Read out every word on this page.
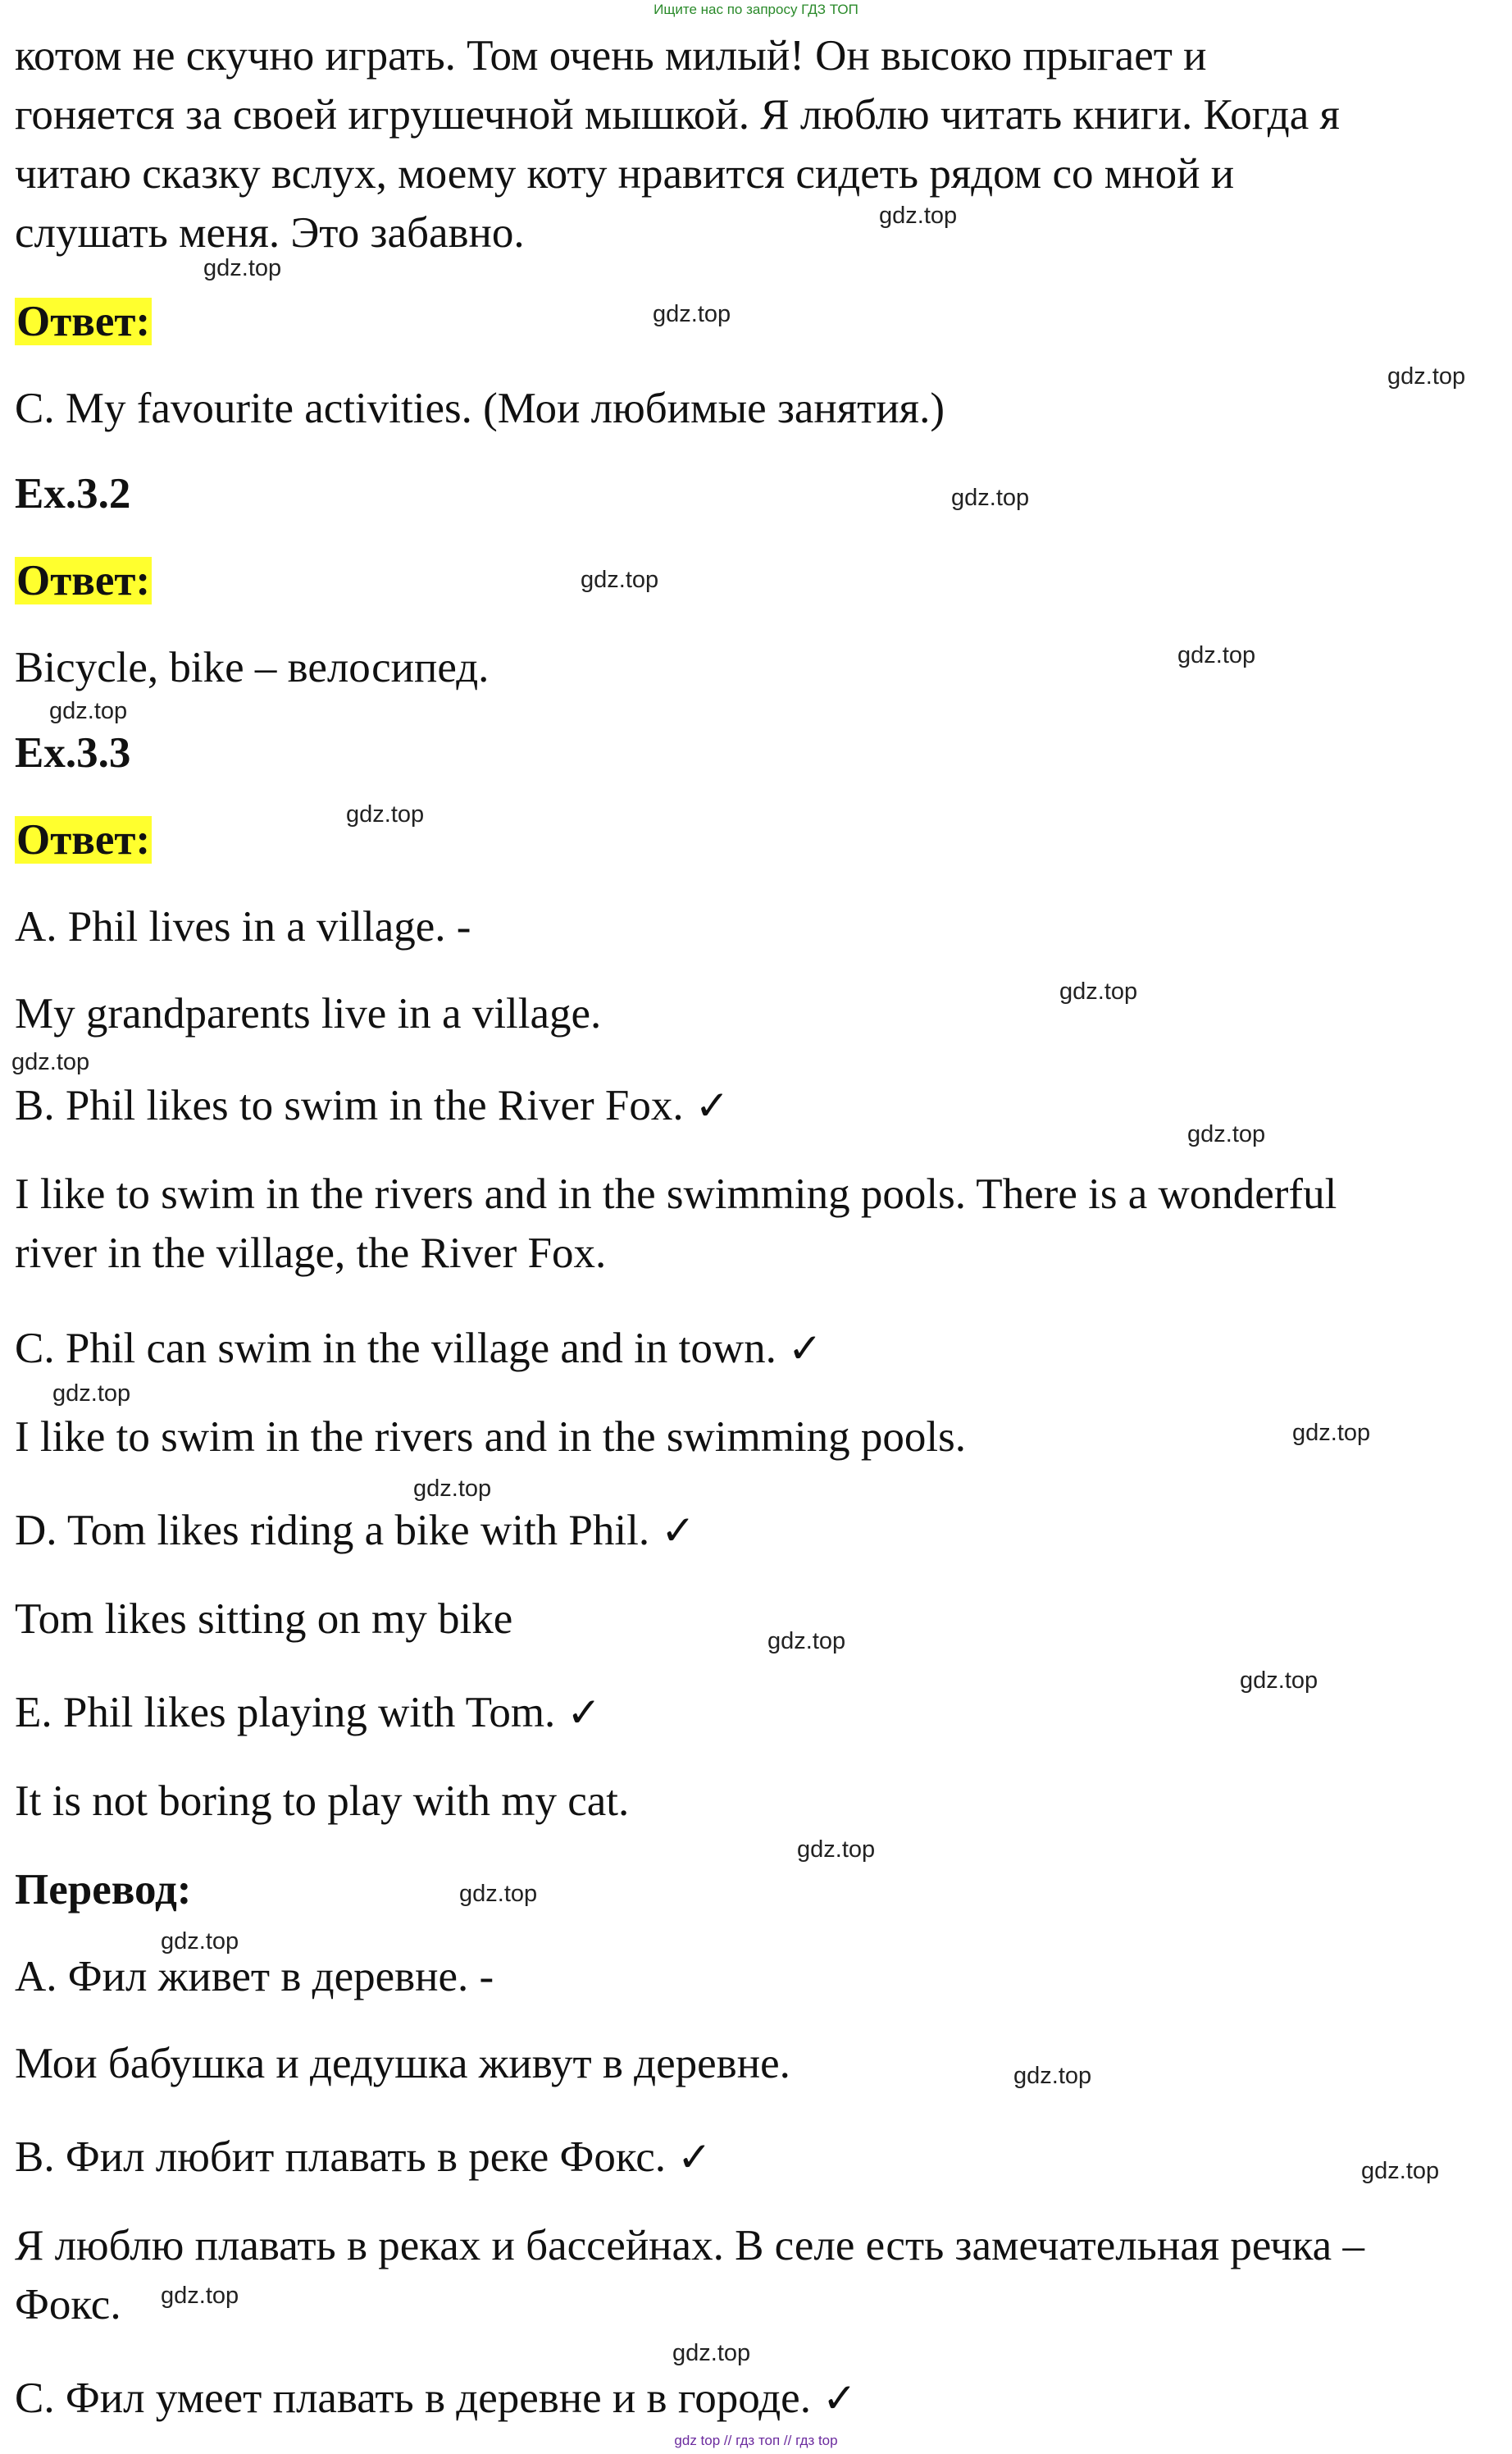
Ищите нас по запросу ГДЗ ТОП
котом не скучно играть. Том очень милый! Он высоко прыгает и
гоняется за своей игрушечной мышкой. Я люблю читать книги. Когда я
читаю сказку вслух, моему коту нравится сидеть рядом со мной и
слушать меня. Это забавно.
Ответ:
C. My favourite activities. (Мои любимые занятия.)
Ex.3.2
Ответ:
Bicycle, bike – велосипед.
Ex.3.3
Ответ:
A. Phil lives in a village. -
My grandparents live in a village.
B. Phil likes to swim in the River Fox. ✓
I like to swim in the rivers and in the swimming pools. There is a wonderful
river in the village, the River Fox.
C. Phil can swim in the village and in town. ✓
I like to swim in the rivers and in the swimming pools.
D. Tom likes riding a bike with Phil. ✓
Tom likes sitting on my bike
E. Phil likes playing with Tom. ✓
It is not boring to play with my cat.
Перевод:
A. Фил живет в деревне. -
Мои бабушка и дедушка живут в деревне.
B. Фил любит плавать в реке Фокс. ✓
Я люблю плавать в реках и бассейнах. В селе есть замечательная речка –
Фокс.
C. Фил умеет плавать в деревне и в городе. ✓
gdz.top
gdz.top
gdz.top
gdz.top
gdz.top
gdz.top
gdz.top
gdz.top
gdz.top
gdz.top
gdz.top
gdz.top
gdz.top
gdz.top
gdz.top
gdz.top
gdz.top
gdz.top
gdz.top
gdz.top
gdz.top
gdz.top
gdz.top
gdz.top
gdz top // гдз топ // гдз top
